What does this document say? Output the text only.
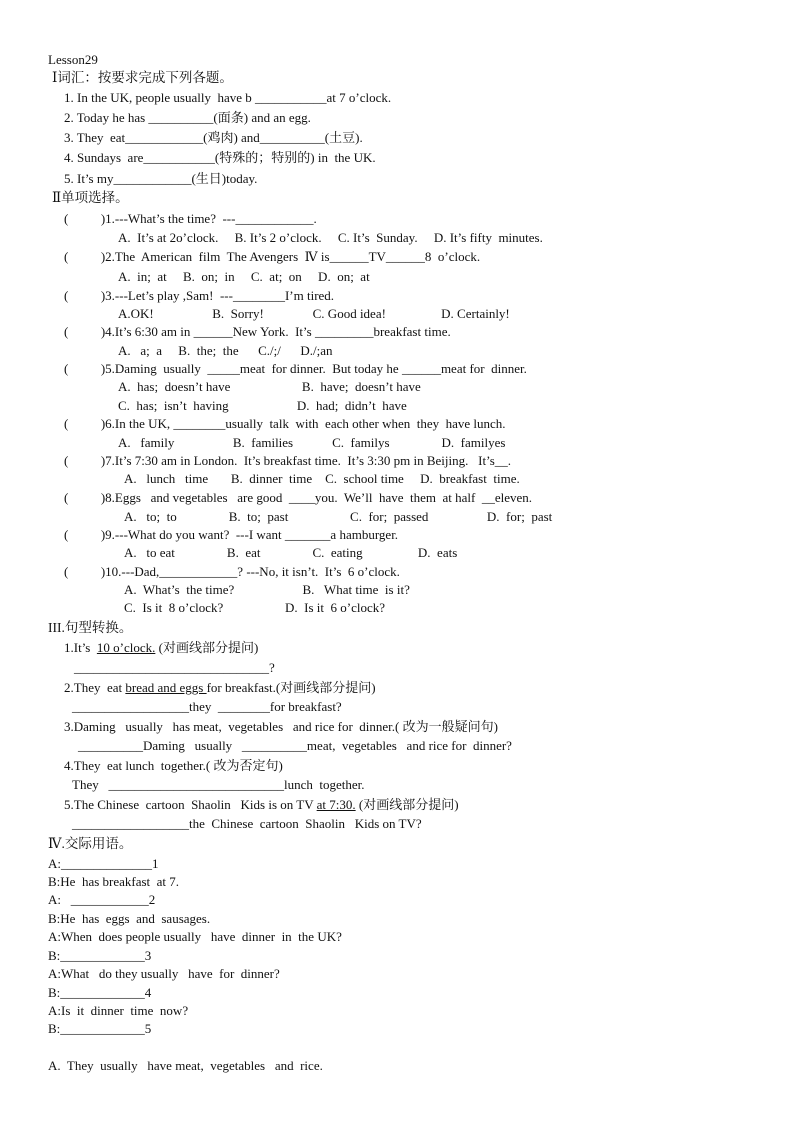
Lesson29
Ⅰ词汇：按要求完成下列各题。
1. In the UK, people usually  have b ___________at 7 o’clock.
2. Today he has __________(面条) and an egg.
3. They  eat____________(鸡肉) and__________(土豆).
4. Sundays  are___________(特殊的；特别的) in  the UK.
5. It’s my____________(生日)today.
Ⅱ单项选择。
(          )1.---What’s the time?  ---____________.
A.  It’s at 2o’clock.     B. It’s 2 o’clock.     C. It’s  Sunday.     D. It’s fifty  minutes.
(          )2.The  American  film  The Avengers  Ⅳ is______TV______8  o’clock.
A.  in;  at     B.  on;  in     C.  at;  on     D.  on;  at
(          )3.---Let’s play ,Sam!  ---________I’m tired.
A.OK!                  B.  Sorry!               C. Good idea!                 D. Certainly!
(          )4.It’s 6:30 am in ______New York.  It’s _________breakfast time.
A.   a;  a     B.  the;  the      C./;/      D./;an
(          )5.Daming  usually  _____meat  for dinner.  But today he ______meat for  dinner.
A.  has;  doesn’t have                      B.  have;  doesn’t have
C.  has;  isn’t  having                     D.  had;  didn’t  have
(          )6.In the UK, ________usually  talk  with  each other when  they  have lunch.
A.   family                  B.  families            C.  familys                D.  familyes
(          )7.It’s 7:30 am in London.  It’s breakfast time.  It’s 3:30 pm in Beijing.   It’s__.
A.   lunch   time       B.  dinner  time    C.  school time     D.  breakfast  time.
(          )8.Eggs   and vegetables   are good  ____you.  We’ll  have  them  at half  __eleven.
A.   to;  to                B.  to;  past                   C.  for;  passed                  D.  for;  past
(          )9.---What do you want?  ---I want _______a hamburger.
A.   to eat                B.  eat                C.  eating                 D.  eats
(          )10.---Dad,____________? ---No, it isn’t.  It’s  6 o’clock.
A.  What’s  the time?                     B.   What time  is it?
C.  Is it  8 o’clock?                   D.  Is it  6 o’clock?
III.句型转换。
1.It’s  10 o’clock. (对画线部分提问)
______________________________?
2.They  eat bread and eggs for breakfast.(对画线部分提问)
__________________they  ________for breakfast?
3.Daming   usually   has meat,  vegetables   and rice for  dinner.( 改为一般疑问句)
__________Daming   usually   __________meat,  vegetables   and rice for  dinner?
4.They  eat lunch  together.( 改为否定句)
They   ___________________________lunch  together.
5.The Chinese  cartoon  Shaolin   Kids is on TV at 7:30. (对画线部分提问)
__________________the  Chinese  cartoon  Shaolin   Kids on TV?
Ⅳ.交际用语。
A:______________1
B:He  has breakfast  at 7.
A:   ____________2
B:He  has  eggs  and  sausages.
A:When  does people usually   have  dinner  in  the UK?
B:_____________3
A:What   do they usually   have  for  dinner?
B:_____________4
A:Is  it  dinner  time  now?
B:_____________5
A.  They  usually   have meat,  vegetables   and  rice.
